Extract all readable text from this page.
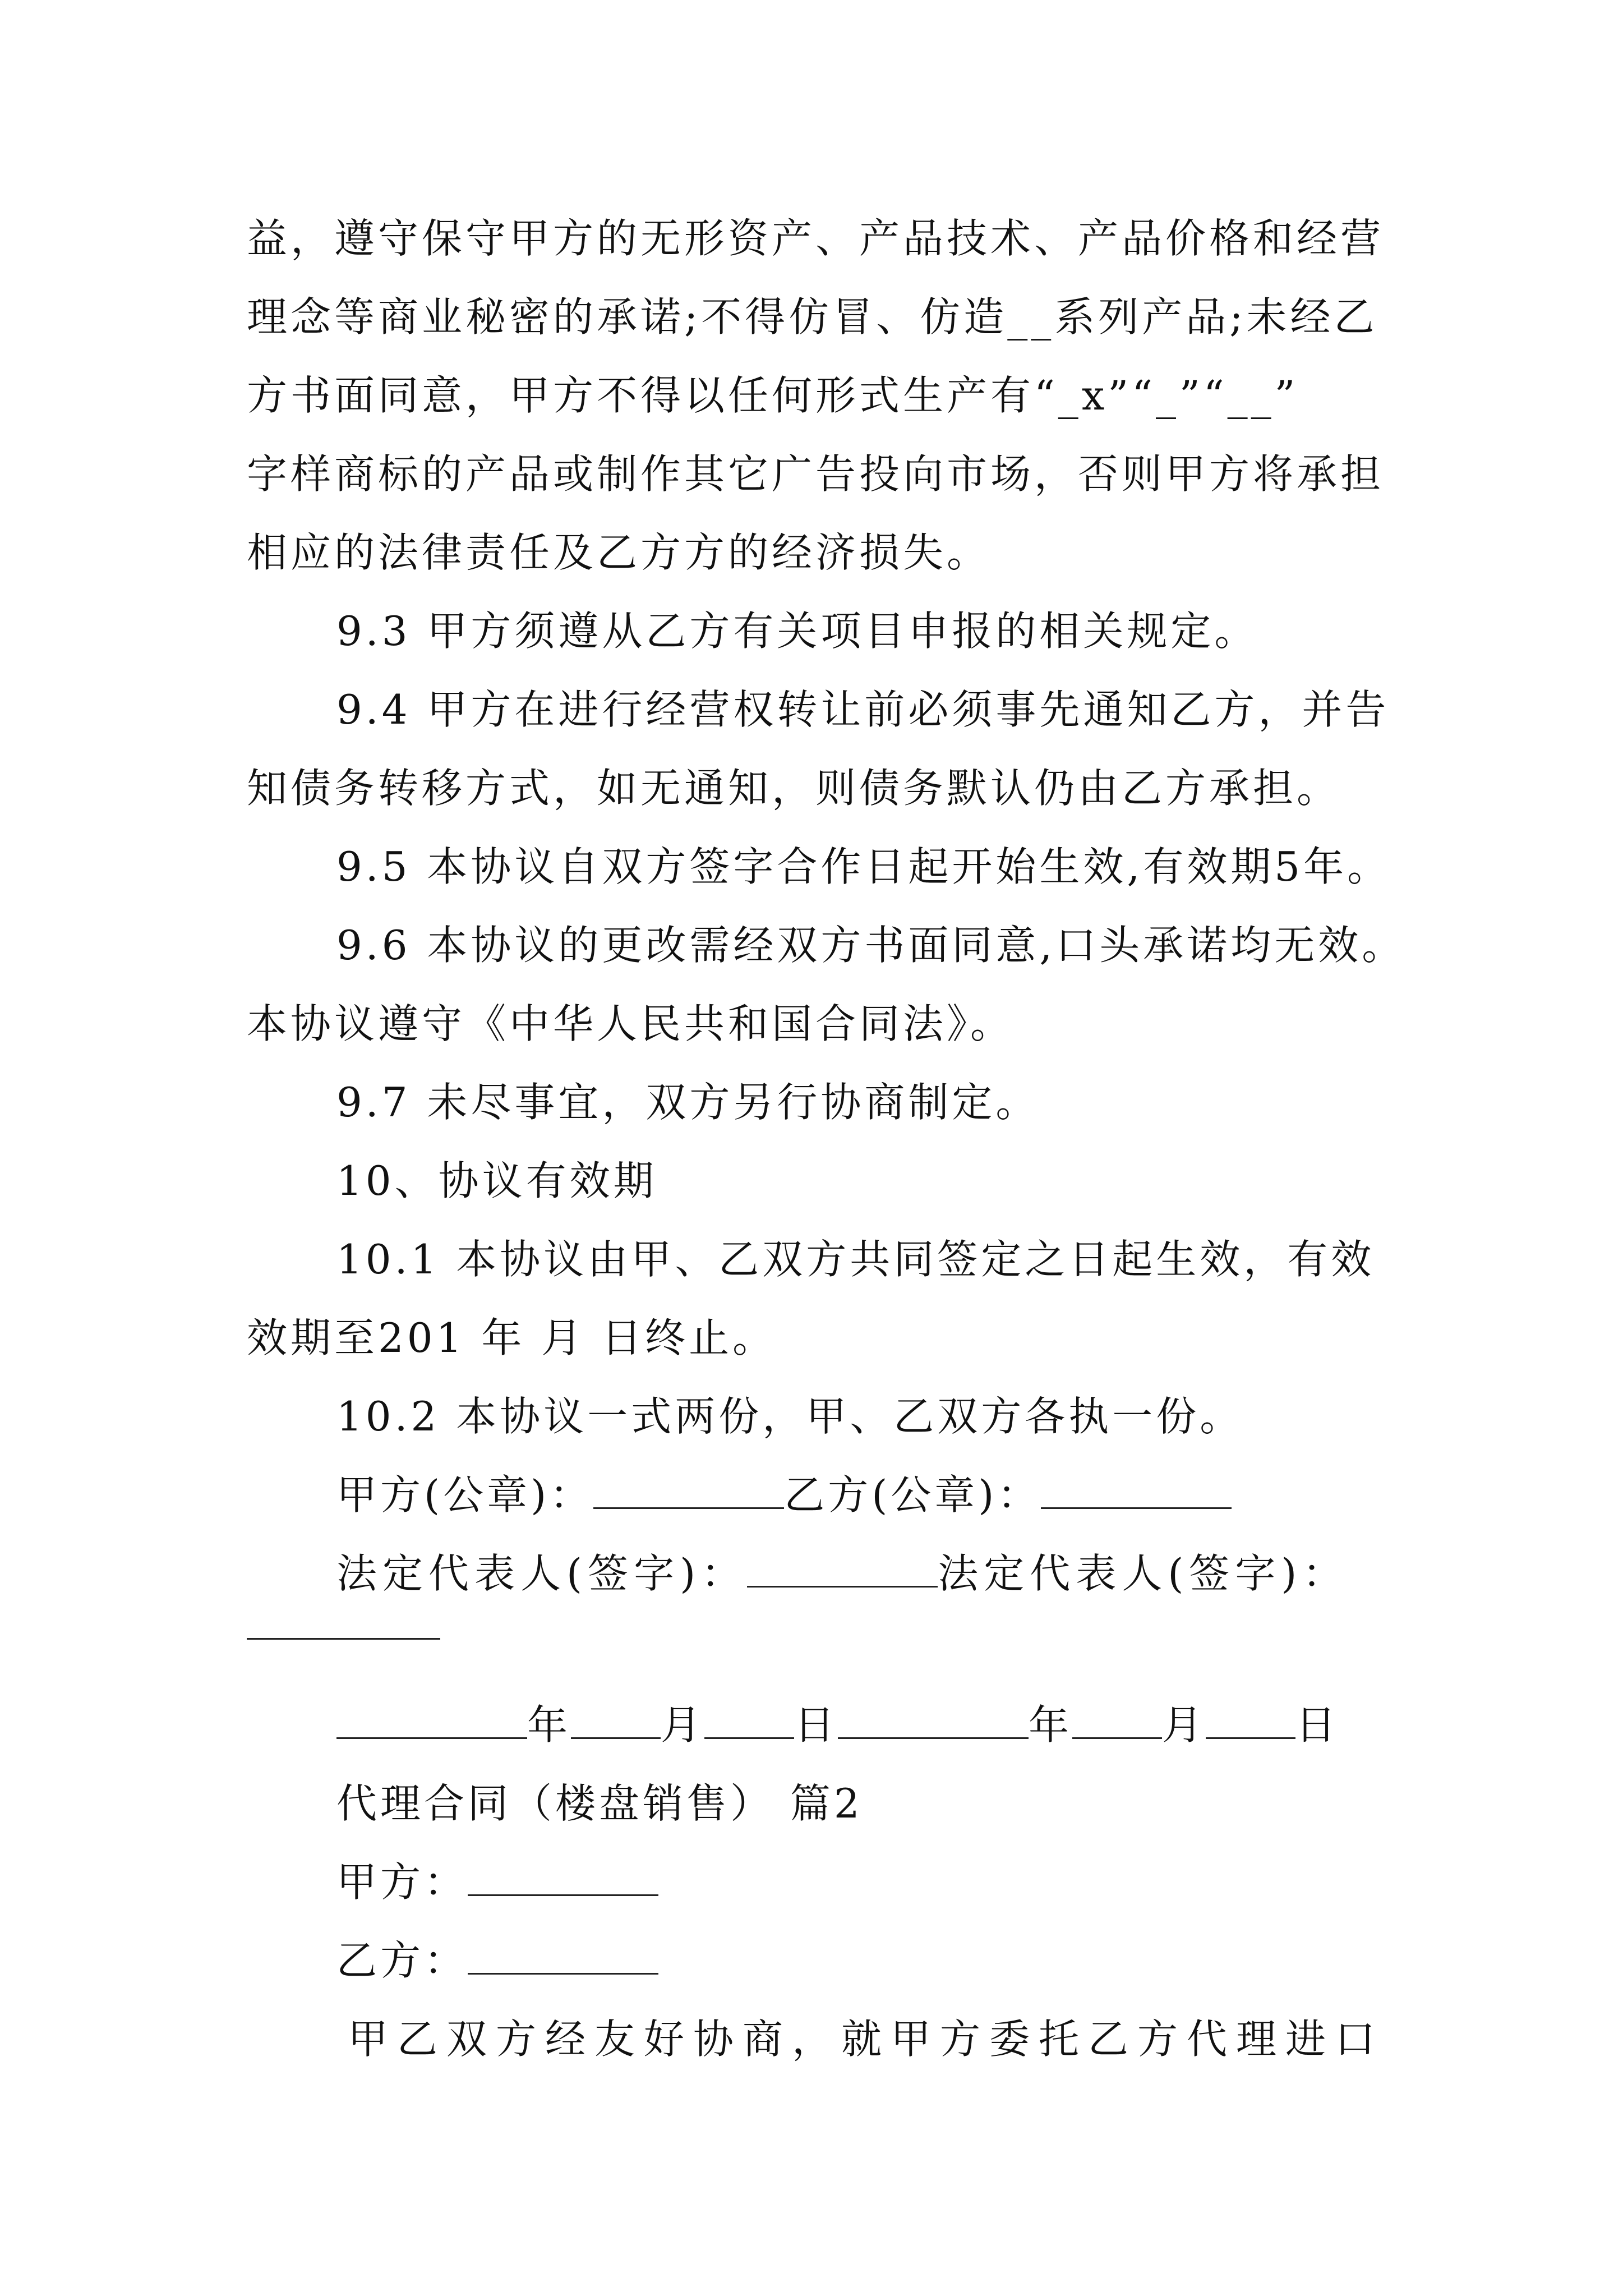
益，遵守保守甲方的无形资产、产品技术、产品价格和经营
理念等商业秘密的承诺;不得仿冒、仿造__系列产品;未经乙
方书面同意，甲方不得以任何形式生产有“_x”“_”“__”
字样商标的产品或制作其它广告投向市场，否则甲方将承担
相应的法律责任及乙方方的经济损失。
9.3 甲方须遵从乙方有关项目申报的相关规定。
9.4 甲方在进行经营权转让前必须事先通知乙方，并告
知债务转移方式，如无通知，则债务默认仍由乙方承担。
9.5 本协议自双方签字合作日起开始生效,有效期5年。
9.6 本协议的更改需经双方书面同意,口头承诺均无效。
本协议遵守《中华人民共和国合同法》。
9.7 未尽事宜，双方另行协商制定。
10、协议有效期
10.1 本协议由甲、乙双方共同签定之日起生效，有效
效期至201 年 月 日终止。
10.2 本协议一式两份，甲、乙双方各执一份。
甲方(公章)：	乙方(公章)：
法定代表人(签字)：	法定代表人(签字)：
年 月 日	年 月 日
代理合同（楼盘销售） 篇2
甲方：
乙方：
甲乙双方经友好协商，就甲方委托乙方代理进口
